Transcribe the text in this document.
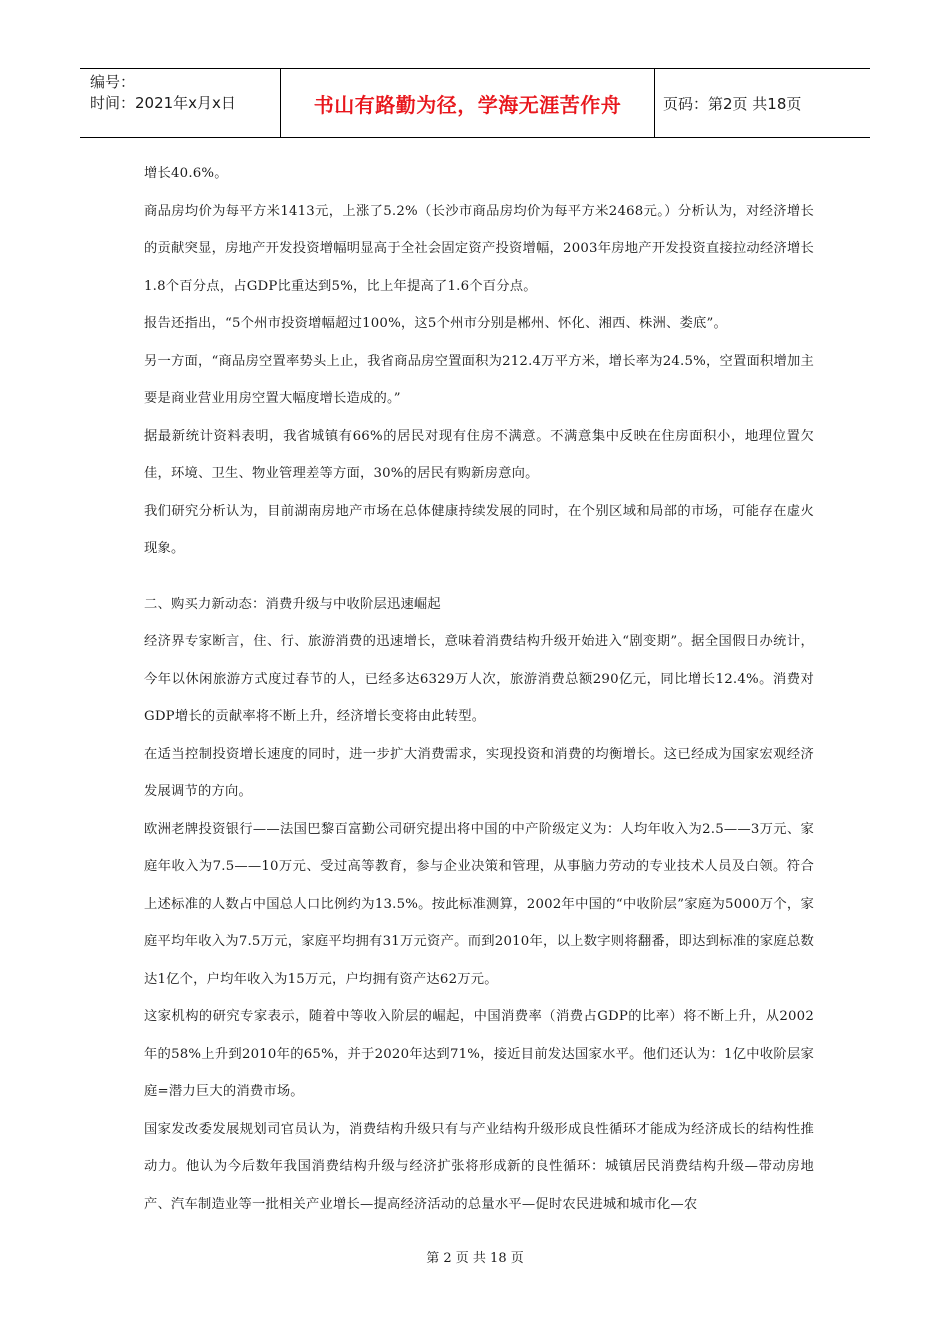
编号：
时间：2021年x月x日	书山有路勤为径，学海无涯苦作舟	页码：第2页 共18页

增长40.6%。

商品房均价为每平方米1413元，上涨了5.2%（长沙市商品房均价为每平方米2468元。）分析认为，对经济增长的贡献突显，房地产开发投资增幅明显高于全社会固定资产投资增幅，2003年房地产开发投资直接拉动经济增长1.8个百分点，占GDP比重达到5%，比上年提高了1.6个百分点。

报告还指出，“5个州市投资增幅超过100%，这5个州市分别是郴州、怀化、湘西、株洲、娄底”。

另一方面，“商品房空置率势头上止，我省商品房空置面积为212.4万平方米，增长率为24.5%，空置面积增加主要是商业营业用房空置大幅度增长造成的。”

据最新统计资料表明，我省城镇有66%的居民对现有住房不满意。不满意集中反映在住房面积小，地理位置欠佳，环境、卫生、物业管理差等方面，30%的居民有购新房意向。

我们研究分析认为，目前湖南房地产市场在总体健康持续发展的同时，在个别区域和局部的市场，可能存在虚火现象。

二、购买力新动态：消费升级与中收阶层迅速崛起

经济界专家断言，住、行、旅游消费的迅速增长，意味着消费结构升级开始进入“剧变期”。据全国假日办统计，今年以休闲旅游方式度过春节的人，已经多达6329万人次，旅游消费总额290亿元，同比增长12.4%。消费对GDP增长的贡献率将不断上升，经济增长变将由此转型。

在适当控制投资增长速度的同时，进一步扩大消费需求，实现投资和消费的均衡增长。这已经成为国家宏观经济发展调节的方向。

欧洲老牌投资银行——法国巴黎百富勤公司研究提出将中国的中产阶级定义为：人均年收入为2.5——3万元、家庭年收入为7.5——10万元、受过高等教育，参与企业决策和管理，从事脑力劳动的专业技术人员及白领。符合上述标准的人数占中国总人口比例约为13.5%。按此标准测算，2002年中国的“中收阶层”家庭为5000万个，家庭平均年收入为7.5万元，家庭平均拥有31万元资产。而到2010年，以上数字则将翻番，即达到标准的家庭总数达1亿个，户均年收入为15万元，户均拥有资产达62万元。

这家机构的研究专家表示，随着中等收入阶层的崛起，中国消费率（消费占GDP的比率）将不断上升，从2002年的58%上升到2010年的65%，并于2020年达到71%，接近目前发达国家水平。他们还认为：1亿中收阶层家庭=潜力巨大的消费市场。

国家发改委发展规划司官员认为，消费结构升级只有与产业结构升级形成良性循环才能成为经济成长的结构性推动力。他认为今后数年我国消费结构升级与经济扩张将形成新的良性循环：城镇居民消费结构升级—带动房地产、汽车制造业等一批相关产业增长—提高经济活动的总量水平—促时农民进城和城市化—农

第 2 页 共 18 页
